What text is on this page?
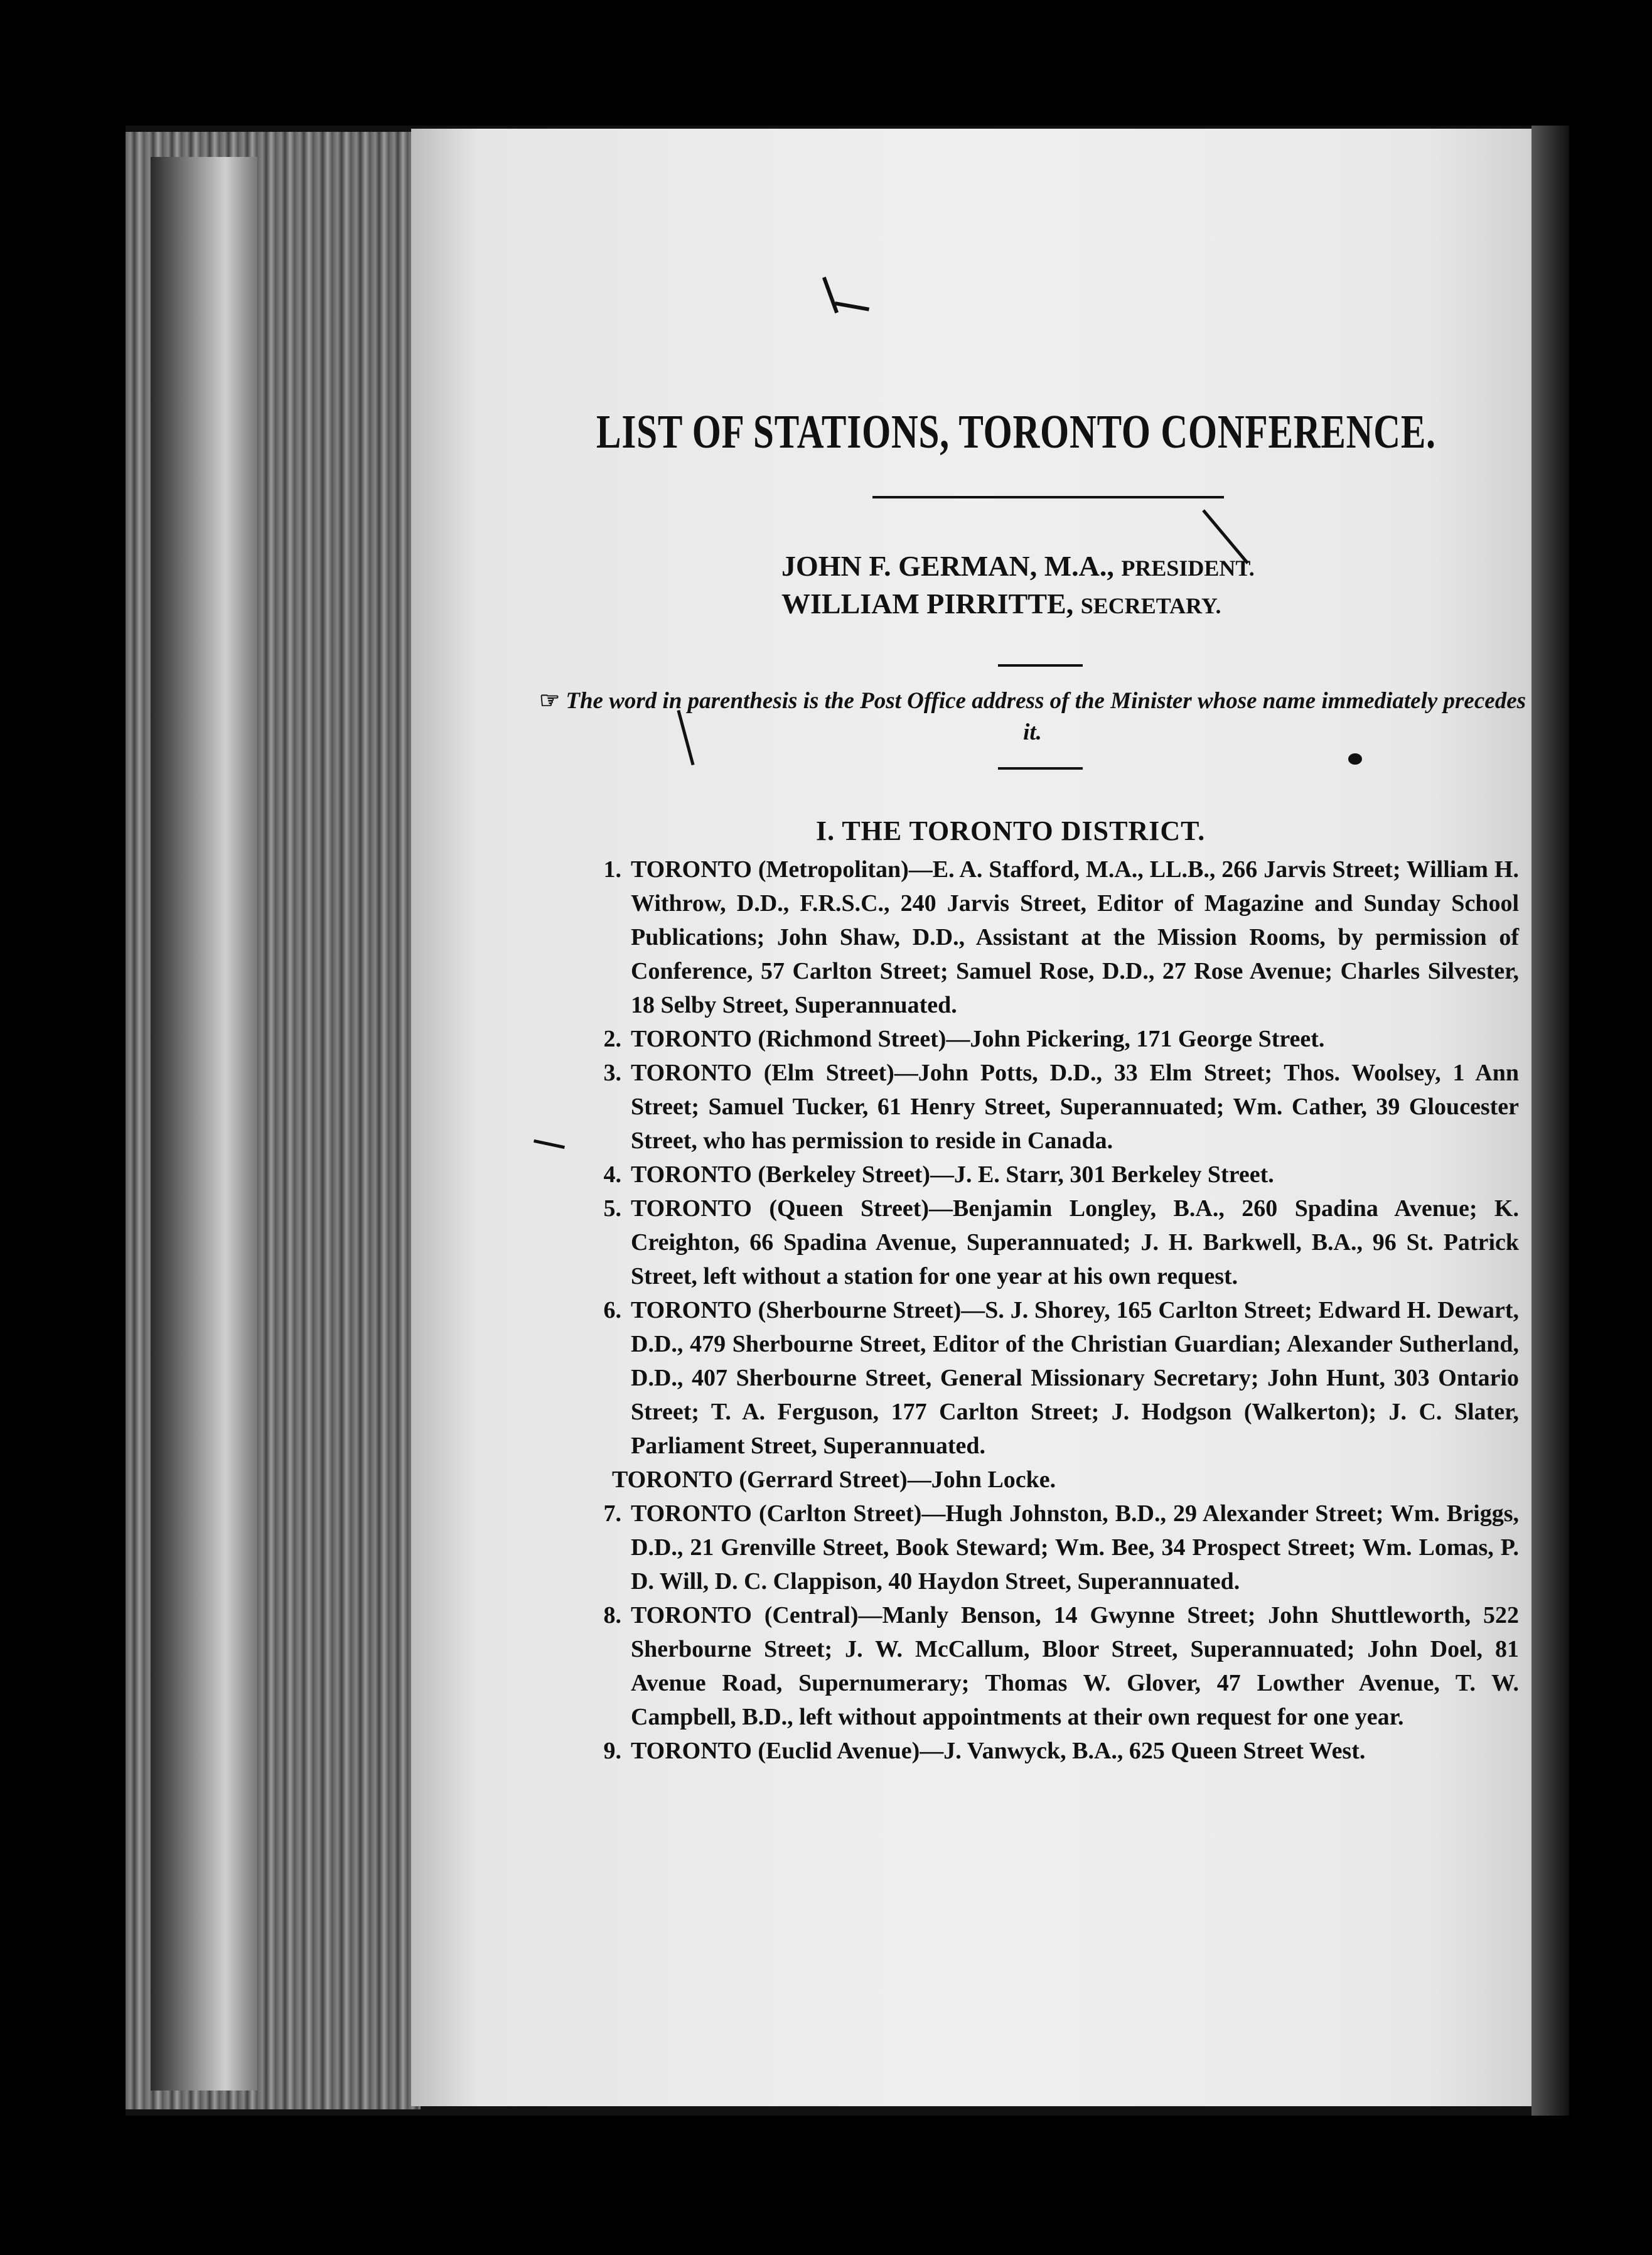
LIST OF STATIONS, TORONTO CONFERENCE.
JOHN F. GERMAN, M.A., PRESIDENT.
WILLIAM PIRRITTE, SECRETARY.
☞ The word in parenthesis is the Post Office address of the Minister whose name immediately precedes it.
I. THE TORONTO DISTRICT.
1. TORONTO (Metropolitan)—E. A. Stafford, M.A., LL.B., 266 Jarvis Street; William H. Withrow, D.D., F.R.S.C., 240 Jarvis Street, Editor of Magazine and Sunday School Publications; John Shaw, D.D., Assistant at the Mission Rooms, by permission of Conference, 57 Carlton Street; Samuel Rose, D.D., 27 Rose Avenue; Charles Silvester, 18 Selby Street, Superannuated.
2. TORONTO (Richmond Street)—John Pickering, 171 George Street.
3. TORONTO (Elm Street)—John Potts, D.D., 33 Elm Street; Thos. Woolsey, 1 Ann Street; Samuel Tucker, 61 Henry Street, Superannuated; Wm. Cather, 39 Gloucester Street, who has permission to reside in Canada.
4. TORONTO (Berkeley Street)—J. E. Starr, 301 Berkeley Street.
5. TORONTO (Queen Street)—Benjamin Longley, B.A., 260 Spadina Avenue; K. Creighton, 66 Spadina Avenue, Superannuated; J. H. Barkwell, B.A., 96 St. Patrick Street, left without a station for one year at his own request.
6. TORONTO (Sherbourne Street)—S. J. Shorey, 165 Carlton Street; Edward H. Dewart, D.D., 479 Sherbourne Street, Editor of the Christian Guardian; Alexander Sutherland, D.D., 407 Sherbourne Street, General Missionary Secretary; John Hunt, 303 Ontario Street; T. A. Ferguson, 177 Carlton Street; J. Hodgson (Walkerton); J. C. Slater, Parliament Street, Superannuated.
TORONTO (Gerrard Street)—John Locke.
7. TORONTO (Carlton Street)—Hugh Johnston, B.D., 29 Alexander Street; Wm. Briggs, D.D., 21 Grenville Street, Book Steward; Wm. Bee, 34 Prospect Street; Wm. Lomas, P. D. Will, D. C. Clappison, 40 Haydon Street, Superannuated.
8. TORONTO (Central)—Manly Benson, 14 Gwynne Street; John Shuttleworth, 522 Sherbourne Street; J. W. McCallum, Bloor Street, Superannuated; John Doel, 81 Avenue Road, Supernumerary; Thomas W. Glover, 47 Lowther Avenue, T. W. Campbell, B.D., left without appointments at their own request for one year.
9. TORONTO (Euclid Avenue)—J. Vanwyck, B.A., 625 Queen Street West.
